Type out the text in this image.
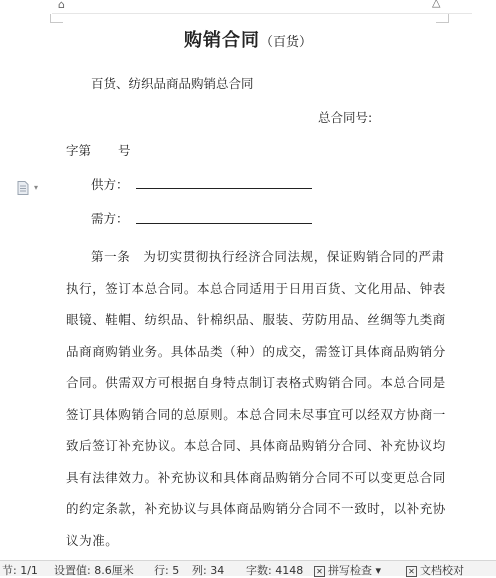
⌂	△
购销合同（百货）
百货、纺织品商品购销总合同
总合同号:
字第 号
供方：
需方：
第一条　为切实贯彻执行经济合同法规，保证购销合同的严肃
执行，签订本总合同。本总合同适用于日用百货、文化用品、钟表
眼镜、鞋帽、纺织品、针棉织品、服装、劳防用品、丝绸等九类商
品商商购销业务。具体品类（种）的成交，需签订具体商品购销分
合同。供需双方可根据自身特点制订表格式购销合同。本总合同是
签订具体购销合同的总原则。本总合同未尽事宜可以经双方协商一
致后签订补充协议。本总合同、具体商品购销分合同、补充协议均
具有法律效力。补充协议和具体商品购销分合同不可以变更总合同
的约定条款，补充协议与具体商品购销分合同不一致时，以补充协
议为准。
▾
节: 1/1 设置值: 8.6厘米 行: 5 列: 34 字数: 4148 ✕ 拼写检查 ▾	✕ 文档校对
